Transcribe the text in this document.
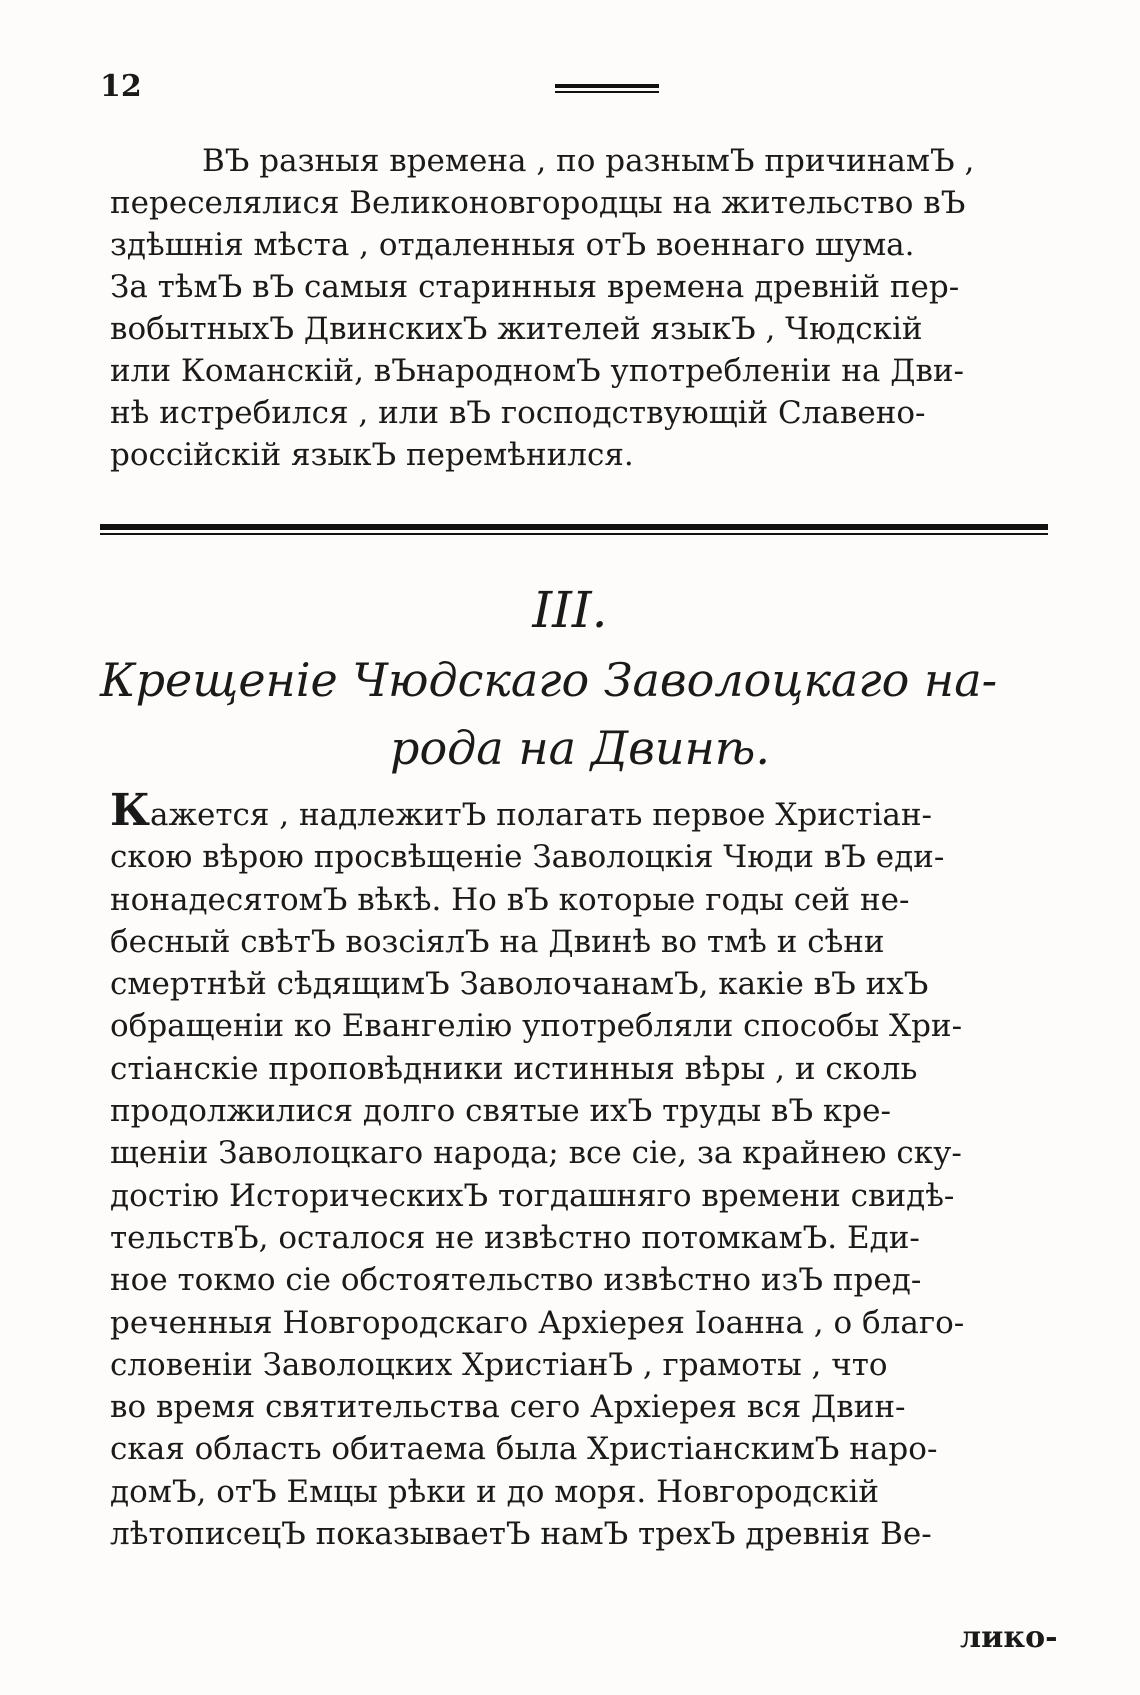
12
ВЪ разныя времена , по разнымЪ причинамЪ ,
переселялися Великоновгородцы на жительство вЪ
здѣшнія мѣста , отдаленныя отЪ военнаго шума.
За тѣмЪ вЪ самыя старинныя времена древній пер-
вобытныхЪ ДвинскихЪ жителей языкЪ , Чюдскій
или Команскій, вЪнародномЪ употребленіи на Дви-
нѣ истребился , или вЪ господствующій Славено-
россійскій языкЪ перемѣнился.
III.
Крещеніе Чюдскаго Заволоцкаго на-
рода на Двинѣ.
Кажется , надлежитЪ полагать первое Христіан-
скою вѣрою просвѣщеніе Заволоцкія Чюди вЪ еди-
нонадесятомЪ вѣкѣ. Но вЪ которые годы сей не-
бесный свѣтЪ возсіялЪ на Двинѣ во тмѣ и сѣни
смертнѣй сѣдящимЪ ЗаволочанамЪ, какіе вЪ ихЪ
обращеніи ко Евангелію употребляли способы Хри-
стіанскіе проповѣдники истинныя вѣры , и сколь
продолжилися долго святые ихЪ труды вЪ кре-
щеніи Заволоцкаго народа; все сіе, за крайнею ску-
достію ИсторическихЪ тогдашняго времени свидѣ-
тельствЪ, осталося не извѣстно потомкамЪ. Еди-
ное токмо сіе обстоятельство извѣстно изЪ пред-
реченныя Новгородскаго Архіерея Іоанна , о благо-
словеніи Заволоцких ХристіанЪ , грамоты , что
во время святительства сего Архіерея вся Двин-
ская область обитаема была ХристіанскимЪ наро-
домЪ, отЪ Емцы рѣки и до моря. Новгородскій
лѣтописецЪ показываетЪ намЪ трехЪ древнія Ве-
лико-
